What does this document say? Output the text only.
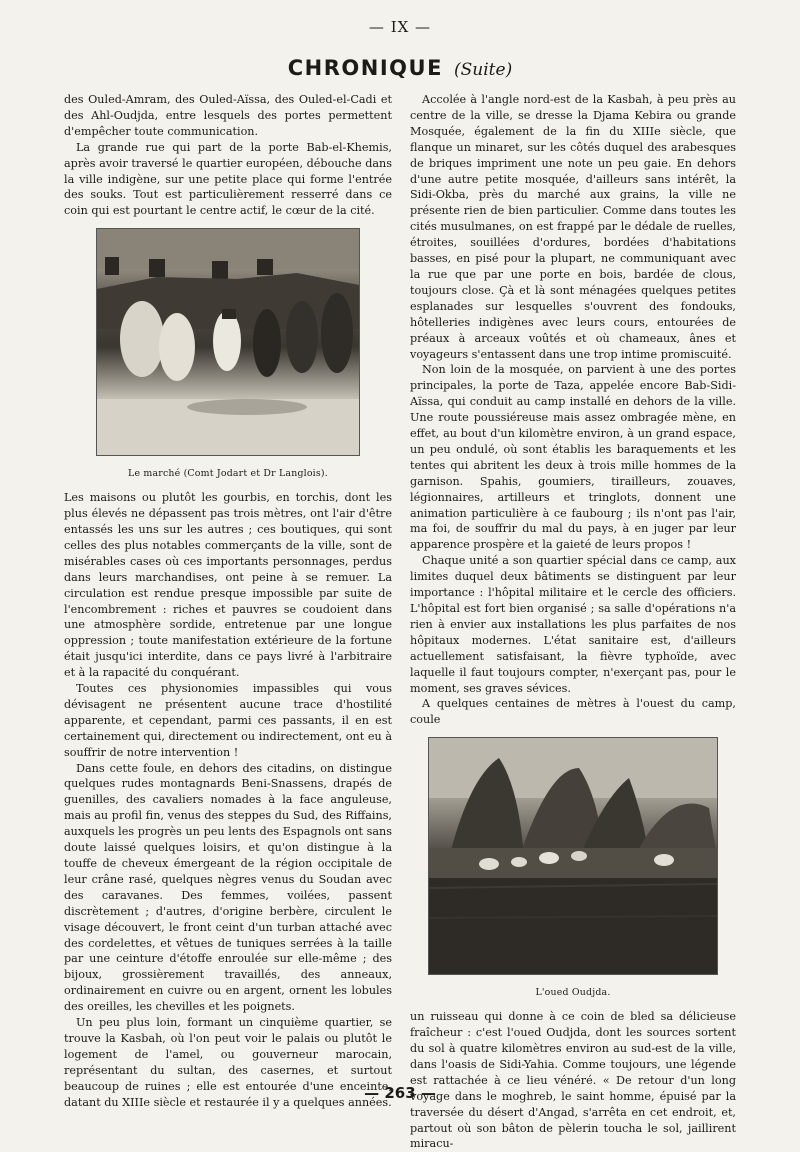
— IX —
CHRONIQUE (Suite)

des Ouled-Amram, des Ouled-Aïssa, des Ouled-el-Cadi et des Ahl-Oudjda, entre lesquels des portes permettent d'empêcher toute communication.

La grande rue qui part de la porte Bab-el-Khemis, après avoir traversé le quartier européen, débouche dans la ville indigène, sur une petite place qui forme l'entrée des souks. Tout est particulièrement resserré dans ce coin qui est pourtant le centre actif, le cœur de la cité.

Le marché (Comt Jodart et Dr Langlois).

Les maisons ou plutôt les gourbis, en torchis, dont les plus élevés ne dépassent pas trois mètres, ont l'air d'être entassés les uns sur les autres ; ces boutiques, qui sont celles des plus notables commerçants de la ville, sont de misérables cases où ces importants personnages, perdus dans leurs marchandises, ont peine à se remuer. La circulation est rendue presque impossible par suite de l'encombrement : riches et pauvres se coudoient dans une atmosphère sordide, entretenue par une longue oppression ; toute manifestation extérieure de la fortune était jusqu'ici interdite, dans ce pays livré à l'arbitraire et à la rapacité du conquérant.

Toutes ces physionomies impassibles qui vous dévisagent ne présentent aucune trace d'hostilité apparente, et cependant, parmi ces passants, il en est certainement qui, directement ou indirectement, ont eu à souffrir de notre intervention !

Dans cette foule, en dehors des citadins, on distingue quelques rudes montagnards Beni-Snassens, drapés de guenilles, des cavaliers nomades à la face anguleuse, mais au profil fin, venus des steppes du Sud, des Riffains, auxquels les progrès un peu lents des Espagnols ont sans doute laissé quelques loisirs, et qu'on distingue à la touffe de cheveux émergeant de la région occipitale de leur crâne rasé, quelques nègres venus du Soudan avec des caravanes. Des femmes, voilées, passent discrètement ; d'autres, d'origine berbère, circulent le visage découvert, le front ceint d'un turban attaché avec des cordelettes, et vêtues de tuniques serrées à la taille par une ceinture d'étoffe enroulée sur elle-même ; des bijoux, grossièrement travaillés, des anneaux, ordinairement en cuivre ou en argent, ornent les lobules des oreilles, les chevilles et les poignets.

Un peu plus loin, formant un cinquième quartier, se trouve la Kasbah, où l'on peut voir le palais ou plutôt le logement de l'amel, ou gouverneur marocain, représentant du sultan, des casernes, et surtout beaucoup de ruines ; elle est entourée d'une enceinte, datant du XIIIe siècle et restaurée il y a quelques années.

Accolée à l'angle nord-est de la Kasbah, à peu près au centre de la ville, se dresse la Djama Kebira ou grande Mosquée, également de la fin du XIIIe siècle, que flanque un minaret, sur les côtés duquel des arabesques de briques impriment une note un peu gaie. En dehors d'une autre petite mosquée, d'ailleurs sans intérêt, la Sidi-Okba, près du marché aux grains, la ville ne présente rien de bien particulier. Comme dans toutes les cités musulmanes, on est frappé par le dédale de ruelles, étroites, souillées d'ordures, bordées d'habitations basses, en pisé pour la plupart, ne communiquant avec la rue que par une porte en bois, bardée de clous, toujours close. Çà et là sont ménagées quelques petites esplanades sur lesquelles s'ouvrent des fondouks, hôtelleries indigènes avec leurs cours, entourées de préaux à arceaux voûtés et où chameaux, ânes et voyageurs s'entassent dans une trop intime promiscuité.

Non loin de la mosquée, on parvient à une des portes principales, la porte de Taza, appelée encore Bab-Sidi-Aïssa, qui conduit au camp installé en dehors de la ville. Une route poussiéreuse mais assez ombragée mène, en effet, au bout d'un kilomètre environ, à un grand espace, un peu ondulé, où sont établis les baraquements et les tentes qui abritent les deux à trois mille hommes de la garnison. Spahis, goumiers, tirailleurs, zouaves, légionnaires, artilleurs et tringlots, donnent une animation particulière à ce faubourg ; ils n'ont pas l'air, ma foi, de souffrir du mal du pays, à en juger par leur apparence prospère et la gaieté de leurs propos !

Chaque unité a son quartier spécial dans ce camp, aux limites duquel deux bâtiments se distinguent par leur importance : l'hôpital militaire et le cercle des officiers. L'hôpital est fort bien organisé ; sa salle d'opérations n'a rien à envier aux installations les plus parfaites de nos hôpitaux modernes. L'état sanitaire est, d'ailleurs actuellement satisfaisant, la fièvre typhoïde, avec laquelle il faut toujours compter, n'exerçant pas, pour le moment, ses graves sévices.

A quelques centaines de mètres à l'ouest du camp, coule

L'oued Oudjda.

un ruisseau qui donne à ce coin de bled sa délicieuse fraîcheur : c'est l'oued Oudjda, dont les sources sortent du sol à quatre kilomètres environ au sud-est de la ville, dans l'oasis de Sidi-Yahia. Comme toujours, une légende est rattachée à ce lieu vénéré. « De retour d'un long voyage dans le moghreb, le saint homme, épuisé par la traversée du désert d'Angad, s'arrêta en cet endroit, et, partout où son bâton de pèlerin toucha le sol, jaillirent miracu-

— 263 —
